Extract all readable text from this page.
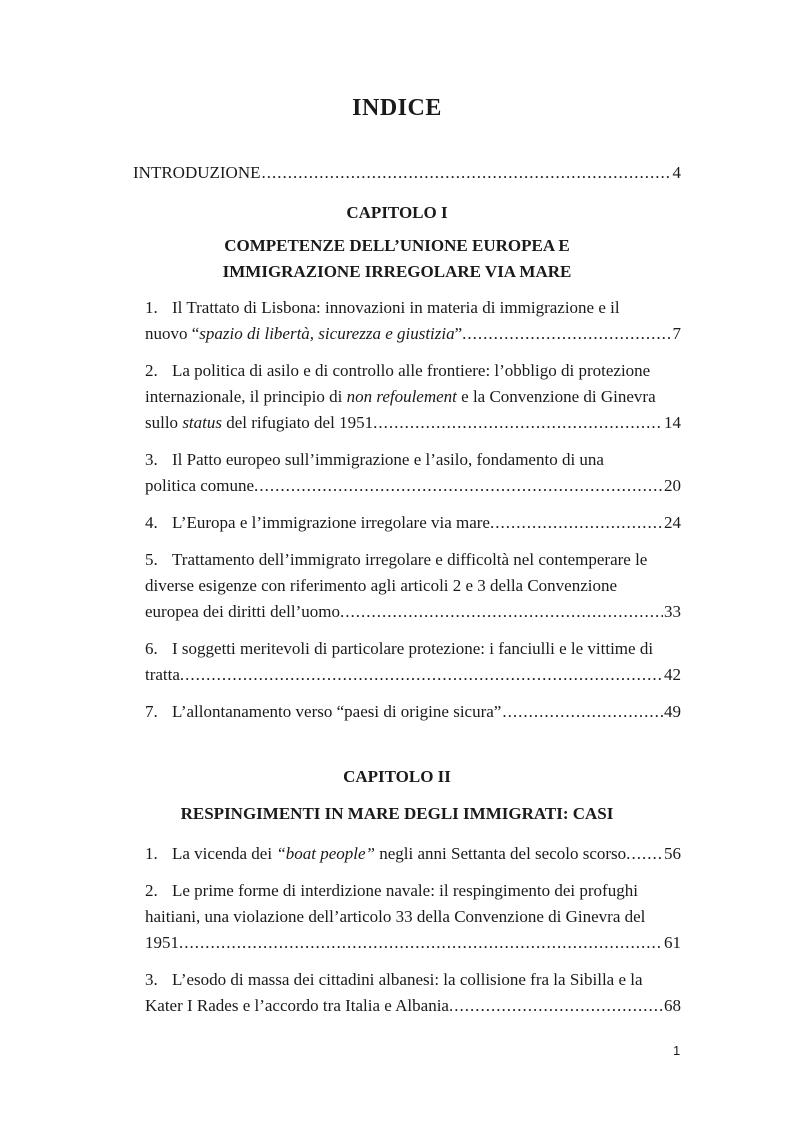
INDICE
INTRODUZIONE .....	4
CAPITOLO I
COMPETENZE DELL’UNIONE EUROPEA E
IMMIGRAZIONE IRREGOLARE VIA MARE
1. Il Trattato di Lisbona: innovazioni in materia di immigrazione e il
nuovo “spazio di libertà, sicurezza e giustizia”. .....	7
2. La politica di asilo e di controllo alle frontiere: l’obbligo di protezione
internazionale, il principio di non refoulement e la Convenzione di Ginevra
sullo status del rifugiato del 1951. .....	14
3. Il Patto europeo sull’immigrazione e l’asilo, fondamento di una
politica comune. .....	20
4. L’Europa e l’immigrazione irregolare via mare. .....	24
5. Trattamento dell’immigrato irregolare e difficoltà nel contemperare le
diverse esigenze con riferimento agli articoli 2 e 3 della Convenzione
europea dei diritti dell’uomo. .....	33
6. I soggetti meritevoli di particolare protezione: i fanciulli e le vittime di
tratta. .....	42
7. L’allontanamento verso “paesi di origine sicura” .....	49
CAPITOLO II
RESPINGIMENTI IN MARE DEGLI IMMIGRATI: CASI
1. La vicenda dei “boat people” negli anni Settanta del secolo scorso. ..... 56
2. Le prime forme di interdizione navale: il respingimento dei profughi
haitiani, una violazione dell’articolo 33 della Convenzione di Ginevra del
1951. .....	61
3. L’esodo di massa dei cittadini albanesi: la collisione fra la Sibilla e la
Kater I Rades e l’accordo tra Italia e Albania. .....	68
1
